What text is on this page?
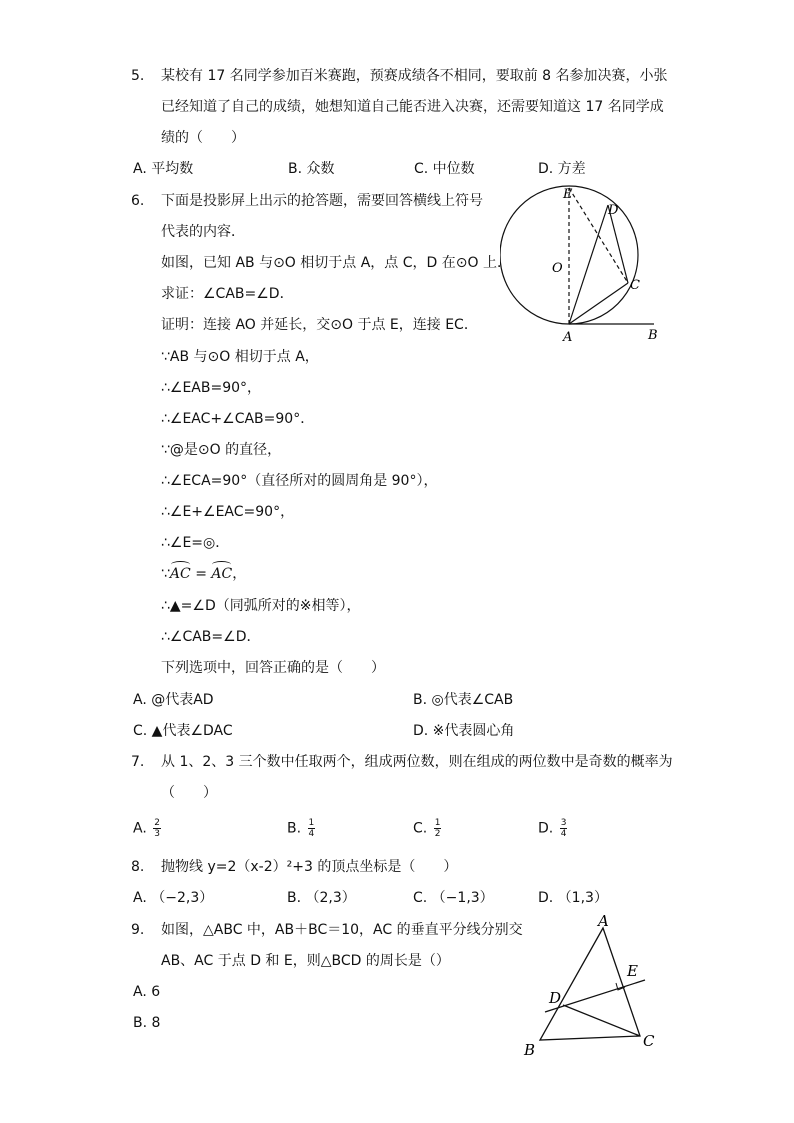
5. 某校有 17 名同学参加百米赛跑，预赛成绩各不相同，要取前 8 名参加决赛，小张
已经知道了自己的成绩，她想知道自己能否进入决赛，还需要知道这 17 名同学成
绩的（　　）
A. 平均数	B. 众数	C. 中位数	D. 方差
6. 下面是投影屏上出示的抢答题，需要回答横线上符号
代表的内容．
如图，已知 AB 与⊙O 相切于点 A，点 C，D 在⊙O 上．
求证：∠CAB=∠D．
证明：连接 AO 并延长，交⊙O 于点 E，连接 EC．
∵AB 与⊙O 相切于点 A，
∴∠EAB=90°，
∴∠EAC+∠CAB=90°．
∵@是⊙O 的直径，
∴∠ECA=90°（直径所对的圆周角是 90°），
∴∠E+∠EAC=90°，
∴∠E=◎．
∵AC = AC，
∴▲=∠D（同弧所对的※相等），
∴∠CAB=∠D．
下列选项中，回答正确的是（　　）
A. @代表AD	B. ◎代表∠CAB
C. ▲代表∠DAC	D. ※代表圆心角
E
D
O
C
A	B
7. 从 1、2、3 三个数中任取两个，组成两位数，则在组成的两位数中是奇数的概率为
（　　）
A. $\frac{2}{3}$	B. $\frac{1}{4}$	C. $\frac{1}{2}$	D. $\frac{3}{4}$
8. 抛物线 y=2（x-2）²+3 的顶点坐标是（　　）
A. （−2,3）	B. （2,3）	C. （−1,3）	D. （1,3）
9. 如图，△ABC 中，AB＋BC＝10，AC 的垂直平分线分别交
AB、AC 于点 D 和 E，则△BCD 的周长是（）
A. 6
B. 8
A
E
D
B	C
